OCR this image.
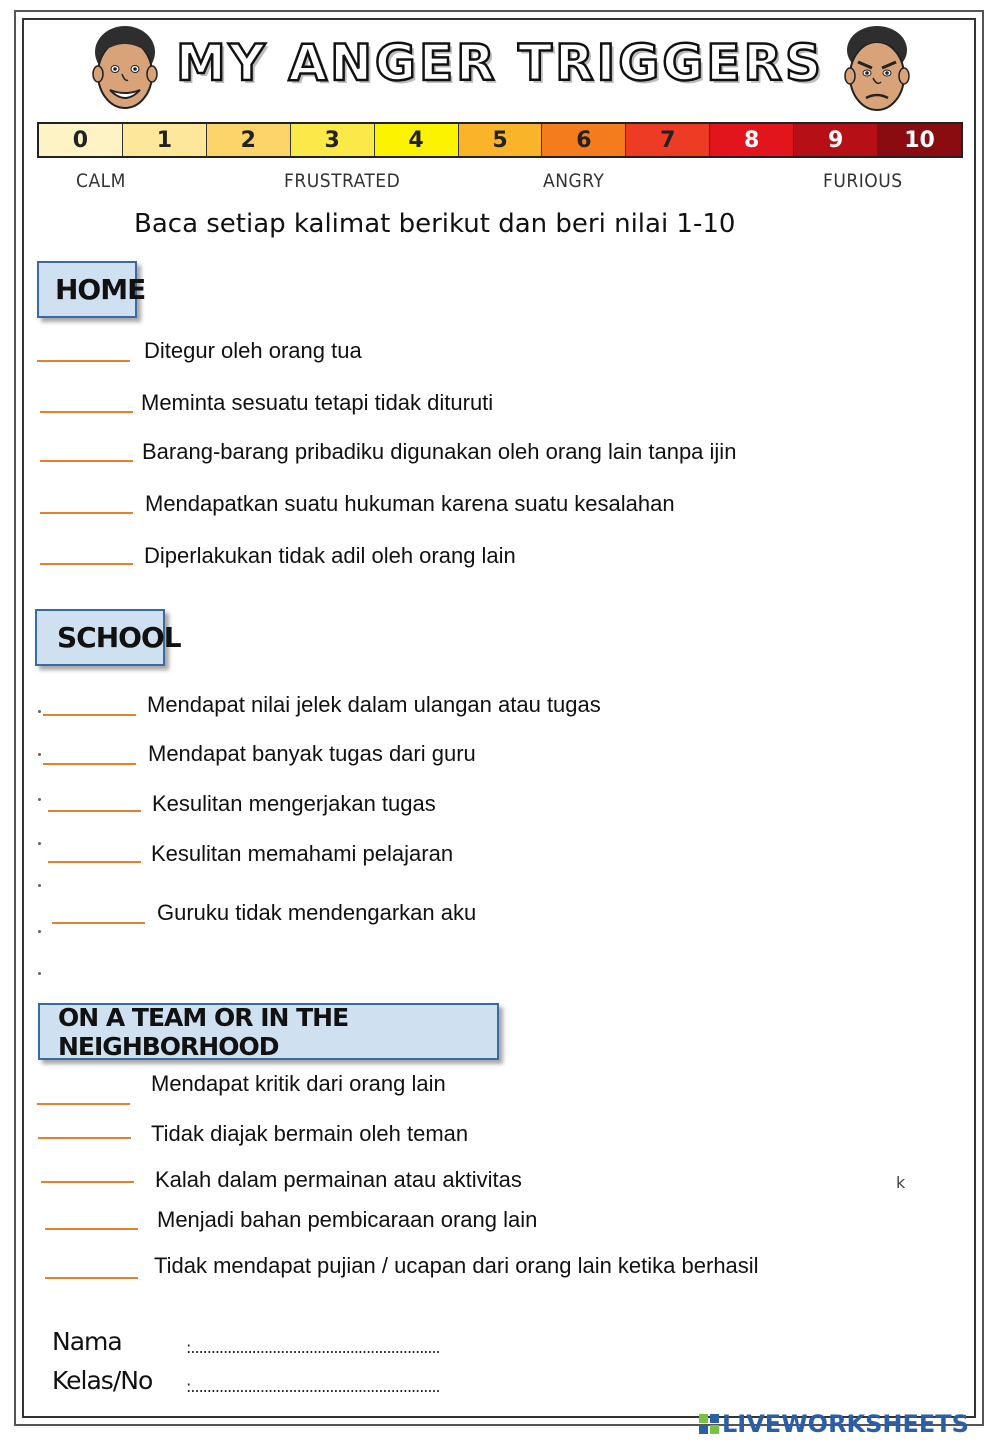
MY ANGER TRIGGERS
0	1	2	3	4	5	6	7	8	9	10
CALM	FRUSTRATED	ANGRY	FURIOUS
Baca setiap kalimat berikut dan beri nilai 1-10
HOME
Ditegur oleh orang tua
Meminta sesuatu tetapi tidak dituruti
Barang-barang pribadiku digunakan oleh orang lain tanpa ijin
Mendapatkan suatu hukuman karena suatu kesalahan
Diperlakukan tidak adil oleh orang lain
SCHOOL
Mendapat nilai jelek dalam ulangan atau tugas
Mendapat banyak tugas dari guru
Kesulitan mengerjakan tugas
Kesulitan memahami pelajaran
Guruku tidak mendengarkan aku
ON A TEAM OR IN THE NEIGHBORHOOD
Mendapat kritik dari orang lain
Tidak diajak bermain oleh teman
Kalah dalam permainan atau aktivitas
Menjadi bahan pembicaraan orang lain
Tidak mendapat pujian / ucapan dari orang lain ketika berhasil
k
Nama	:.............................................................
Kelas/No :.............................................................
LIVEWORKSHEETS
